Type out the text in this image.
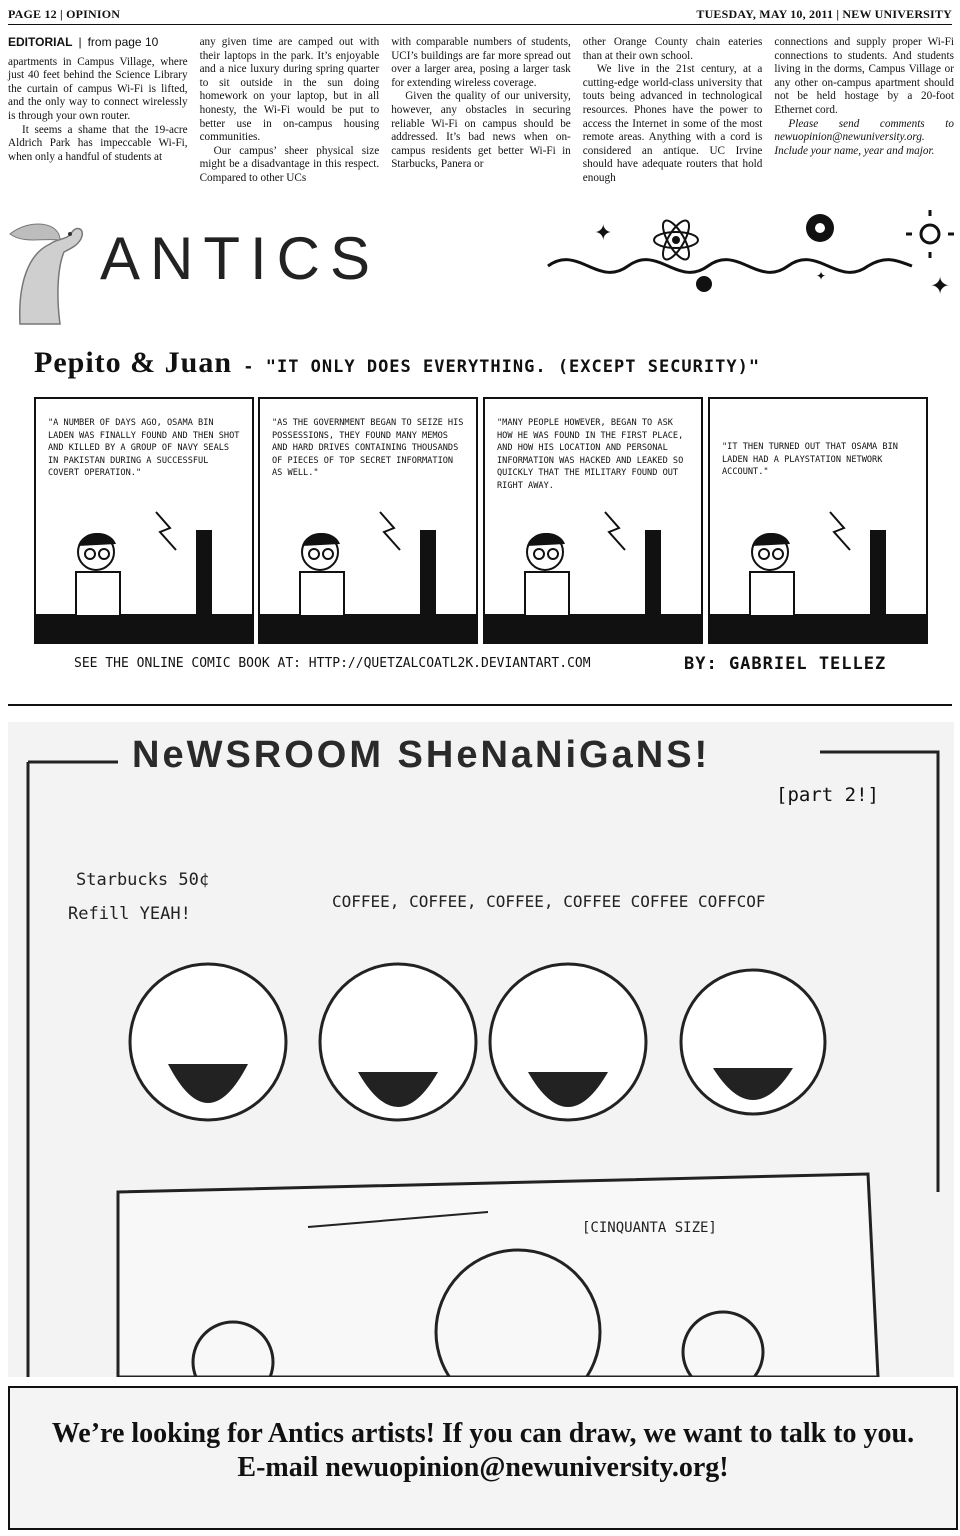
PAGE 12 | OPINION	TUESDAY, MAY 10, 2011 | NEW UNIVERSITY
EDITORIAL | from page 10

apartments in Campus Village, where just 40 feet behind the Science Library the curtain of campus Wi-Fi is lifted, and the only way to connect wirelessly is through your own router.

It seems a shame that the 19-acre Aldrich Park has impeccable Wi-Fi, when only a handful of students at

any given time are camped out with their laptops in the park. It’s enjoyable and a nice luxury during spring quarter to sit outside in the sun doing homework on your laptop, but in all honesty, the Wi-Fi would be put to better use in on-campus housing communities.

Our campus’ sheer physical size might be a disadvantage in this respect. Compared to other UCs

with comparable numbers of students, UCI’s buildings are far more spread out over a larger area, posing a larger task for extending wireless coverage.

Given the quality of our university, however, any obstacles in securing reliable Wi-Fi on campus should be addressed. It’s bad news when on-campus residents get better Wi-Fi in Starbucks, Panera or

other Orange County chain eateries than at their own school.

We live in the 21st century, at a cutting-edge world-class university that touts being advanced in technological resources. Phones have the power to access the Internet in some of the most remote areas. Anything with a cord is considered an antique. UC Irvine should have adequate routers that hold enough

connections and supply proper Wi-Fi connections to students. And students living in the dorms, Campus Village or any other on-campus apartment should not be held hostage by a 20-foot Ethernet cord.

Please send comments to newuopinion@newuniversity.org. Include your name, year and major.

✦
✦
✦
ANTICS
Pepito & Juan - "IT ONLY DOES EVERYTHING. (EXCEPT SECURITY)"
"A NUMBER OF DAYS AGO, OSAMA BIN LADEN WAS FINALLY FOUND AND THEN SHOT AND KILLED BY A GROUP OF NAVY SEALS IN PAKISTAN DURING A SUCCESSFUL COVERT OPERATION."
"AS THE GOVERNMENT BEGAN TO SEIZE HIS POSSESSIONS, THEY FOUND MANY MEMOS AND HARD DRIVES CONTAINING THOUSANDS OF PIECES OF TOP SECRET INFORMATION AS WELL."
"MANY PEOPLE HOWEVER, BEGAN TO ASK HOW HE WAS FOUND IN THE FIRST PLACE, AND HOW HIS LOCATION AND PERSONAL INFORMATION WAS HACKED AND LEAKED SO QUICKLY THAT THE MILITARY FOUND OUT RIGHT AWAY.
"IT THEN TURNED OUT THAT OSAMA BIN LADEN HAD A PLAYSTATION NETWORK ACCOUNT."
SEE THE ONLINE COMIC BOOK AT: HTTP://QUETZALCOATL2K.DEVIANTART.COM	BY: GABRIEL TELLEZ
NeWSROOM SHeNaNiGaNS!
[part 2!]
Starbucks 50¢
Refill YEAH!
COFFEE, COFFEE, COFFEE, COFFEE COFFEE COFFCOF
[CINQUANTA SIZE]
We’re looking for Antics artists! If you can draw, we want to talk to you.
E-mail newuopinion@newuniversity.org!
